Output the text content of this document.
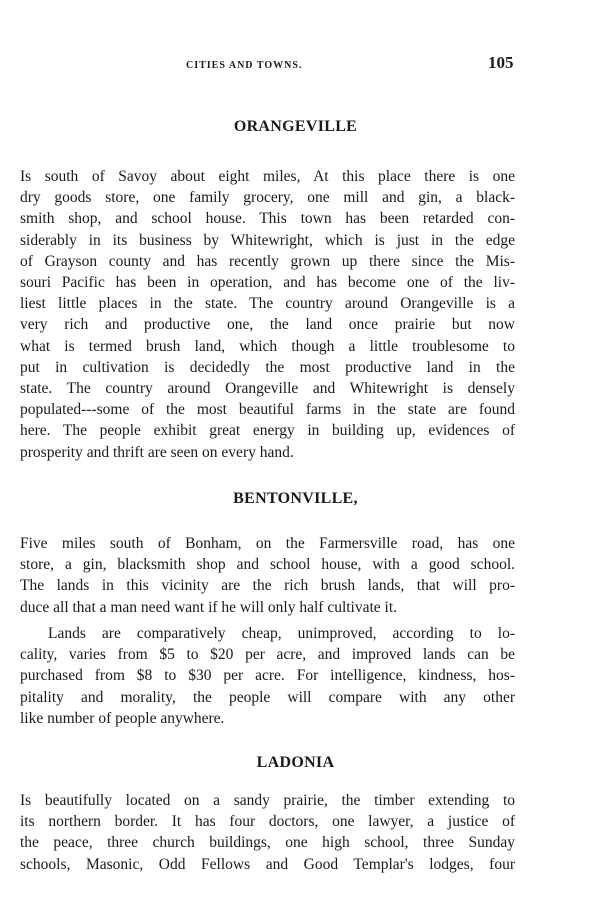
CITIES AND TOWNS.	105
ORANGEVILLE
Is south of Savoy about eight miles, At this place there is one
dry goods store, one family grocery, one mill and gin, a black-
smith shop, and school house. This town has been retarded con-
siderably in its business by Whitewright, which is just in the edge
of Grayson county and has recently grown up there since the Mis-
souri Pacific has been in operation, and has become one of the liv-
liest little places in the state. The country around Orangeville is a
very rich and productive one, the land once prairie but now
what is termed brush land, which though a little troublesome to
put in cultivation is decidedly the most productive land in the
state. The country around Orangeville and Whitewright is densely
populated---some of the most beautiful farms in the state are found
here. The people exhibit great energy in building up, evidences of
prosperity and thrift are seen on every hand.
BENTONVILLE,
Five miles south of Bonham, on the Farmersville road, has one
store, a gin, blacksmith shop and school house, with a good school.
The lands in this vicinity are the rich brush lands, that will pro-
duce all that a man need want if he will only half cultivate it.
Lands are comparatively cheap, unimproved, according to lo-
cality, varies from $5 to $20 per acre, and improved lands can be
purchased from $8 to $30 per acre. For intelligence, kindness, hos-
pitality and morality, the people will compare with any other
like number of people anywhere.
LADONIA
Is beautifully located on a sandy prairie, the timber extending to
its northern border. It has four doctors, one lawyer, a justice of
the peace, three church buildings, one high school, three Sunday
schools, Masonic, Odd Fellows and Good Templar's lodges, four
